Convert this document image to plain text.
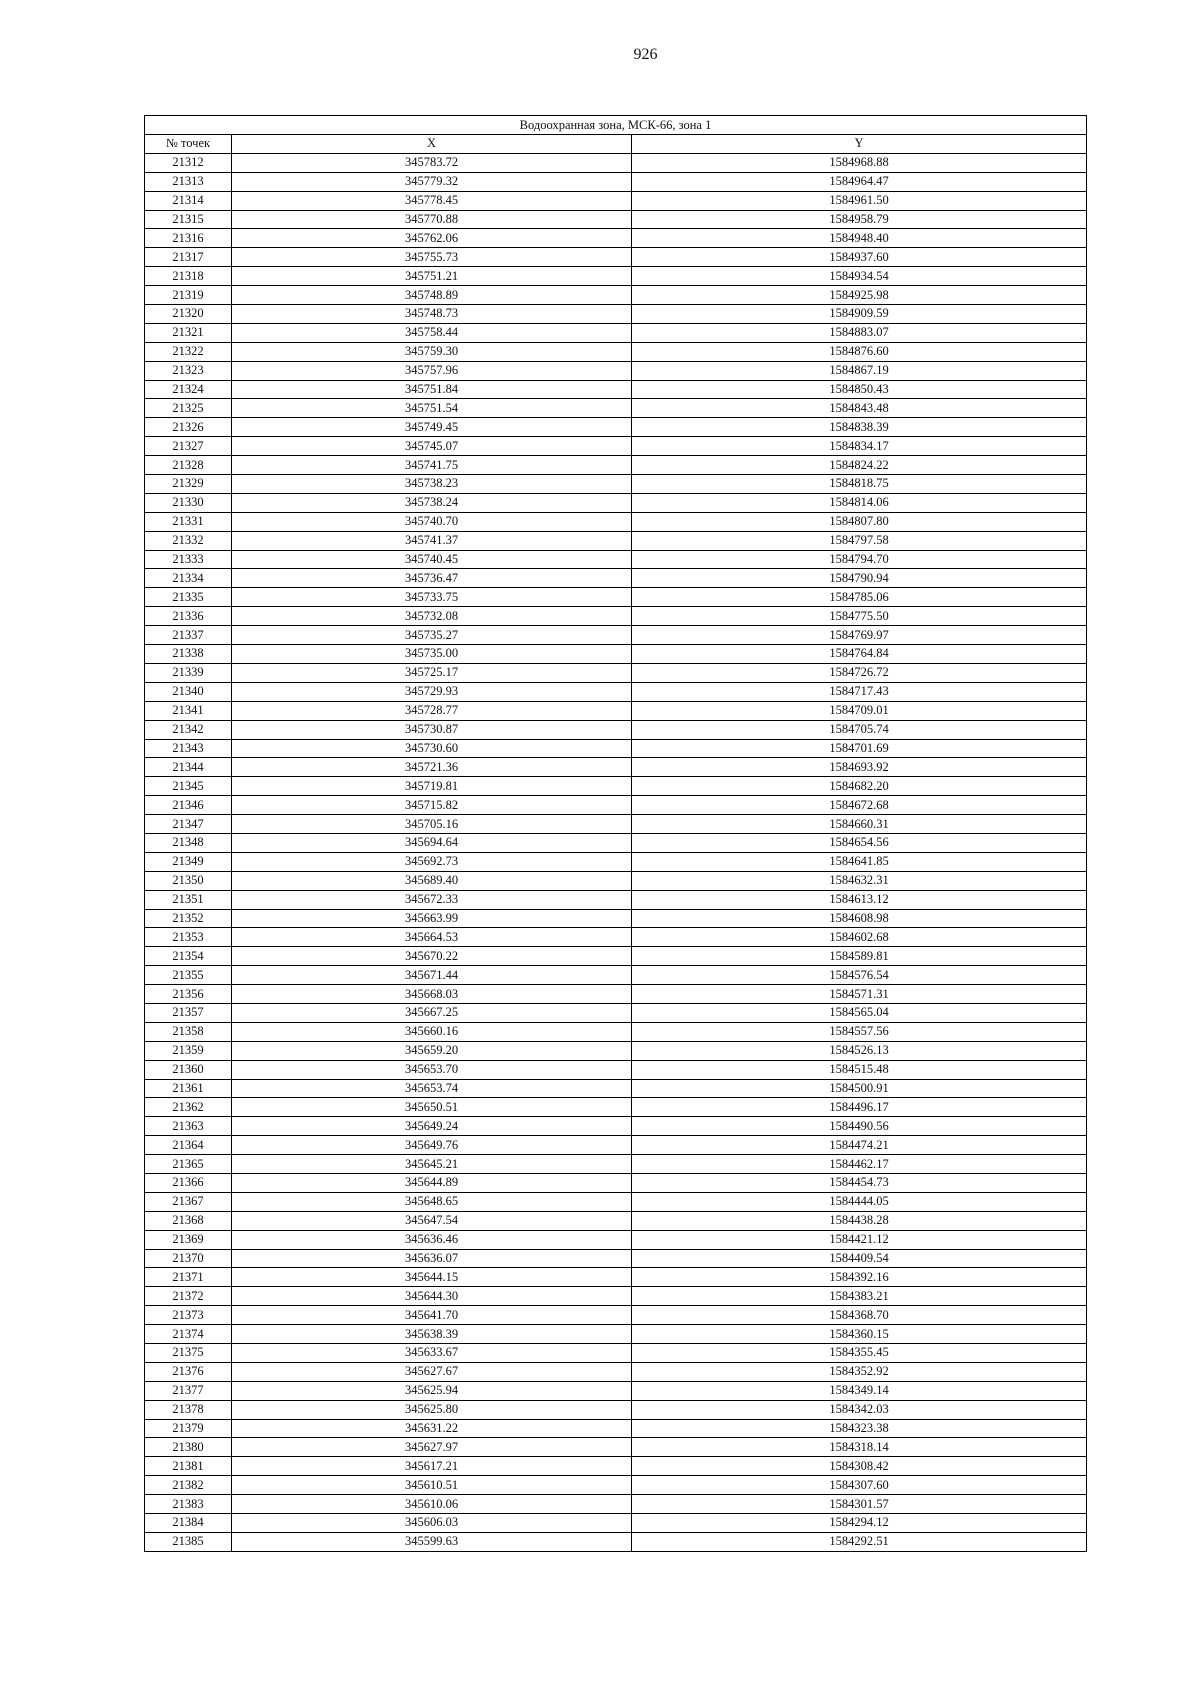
926
Водоохранная зона, МСК-66, зона 1		
№ точек	X	Y
21312	345783.72	1584968.88
21313	345779.32	1584964.47
21314	345778.45	1584961.50
21315	345770.88	1584958.79
21316	345762.06	1584948.40
21317	345755.73	1584937.60
21318	345751.21	1584934.54
21319	345748.89	1584925.98
21320	345748.73	1584909.59
21321	345758.44	1584883.07
21322	345759.30	1584876.60
21323	345757.96	1584867.19
21324	345751.84	1584850.43
21325	345751.54	1584843.48
21326	345749.45	1584838.39
21327	345745.07	1584834.17
21328	345741.75	1584824.22
21329	345738.23	1584818.75
21330	345738.24	1584814.06
21331	345740.70	1584807.80
21332	345741.37	1584797.58
21333	345740.45	1584794.70
21334	345736.47	1584790.94
21335	345733.75	1584785.06
21336	345732.08	1584775.50
21337	345735.27	1584769.97
21338	345735.00	1584764.84
21339	345725.17	1584726.72
21340	345729.93	1584717.43
21341	345728.77	1584709.01
21342	345730.87	1584705.74
21343	345730.60	1584701.69
21344	345721.36	1584693.92
21345	345719.81	1584682.20
21346	345715.82	1584672.68
21347	345705.16	1584660.31
21348	345694.64	1584654.56
21349	345692.73	1584641.85
21350	345689.40	1584632.31
21351	345672.33	1584613.12
21352	345663.99	1584608.98
21353	345664.53	1584602.68
21354	345670.22	1584589.81
21355	345671.44	1584576.54
21356	345668.03	1584571.31
21357	345667.25	1584565.04
21358	345660.16	1584557.56
21359	345659.20	1584526.13
21360	345653.70	1584515.48
21361	345653.74	1584500.91
21362	345650.51	1584496.17
21363	345649.24	1584490.56
21364	345649.76	1584474.21
21365	345645.21	1584462.17
21366	345644.89	1584454.73
21367	345648.65	1584444.05
21368	345647.54	1584438.28
21369	345636.46	1584421.12
21370	345636.07	1584409.54
21371	345644.15	1584392.16
21372	345644.30	1584383.21
21373	345641.70	1584368.70
21374	345638.39	1584360.15
21375	345633.67	1584355.45
21376	345627.67	1584352.92
21377	345625.94	1584349.14
21378	345625.80	1584342.03
21379	345631.22	1584323.38
21380	345627.97	1584318.14
21381	345617.21	1584308.42
21382	345610.51	1584307.60
21383	345610.06	1584301.57
21384	345606.03	1584294.12
21385	345599.63	1584292.51
